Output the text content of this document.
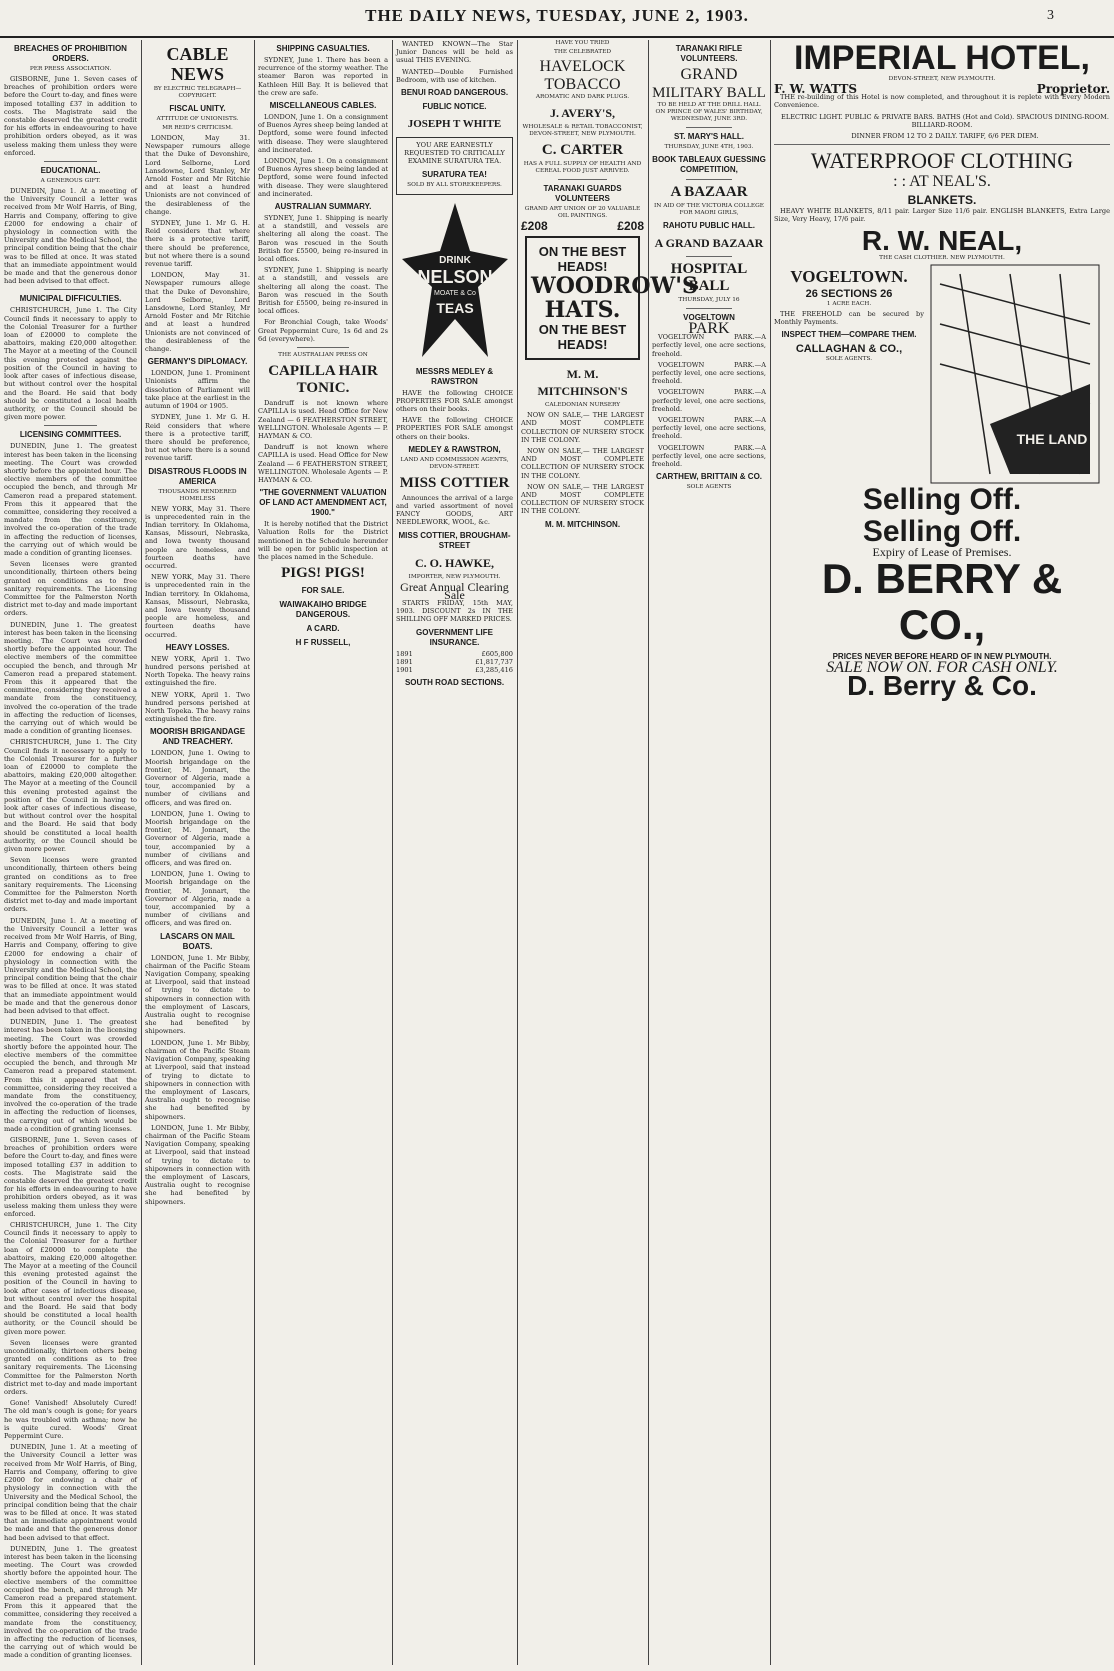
THE DAILY NEWS, TUESDAY, JUNE 2, 1903.	3
BREACHES OF PROHIBITION ORDERS.
PER PRESS ASSOCIATION.

GISBORNE, June 1. Seven cases of breaches of prohibition orders were before the Court to-day, and fines were imposed totalling £37 in addition to costs. The Magistrate said the constable deserved the greatest credit for his efforts in endeavouring to have prohibition orders obeyed, as it was useless making them unless they were enforced.

EDUCATIONAL.
A GENEROUS GIFT.

DUNEDIN, June 1. At a meeting of the University Council a letter was received from Mr Wolf Harris, of Bing, Harris and Company, offering to give £2000 for endowing a chair of physiology in connection with the University and the Medical School, the principal condition being that the chair was to be filled at once. It was stated that an immediate appointment would be made and that the generous donor had been advised to that effect.

MUNICIPAL DIFFICULTIES.

CHRISTCHURCH, June 1. The City Council finds it necessary to apply to the Colonial Treasurer for a further loan of £20000 to complete the abattoirs, making £20,000 altogether. The Mayor at a meeting of the Council this evening protested against the position of the Council in having to look after cases of infectious disease, but without control over the hospital and the Board. He said that body should be constituted a local health authority, or the Council should be given more power.

LICENSING COMMITTEES.

DUNEDIN, June 1. The greatest interest has been taken in the licensing meeting. The Court was crowded shortly before the appointed hour. The elective members of the committee occupied the bench, and through Mr Cameron read a prepared statement. From this it appeared that the committee, considering they received a mandate from the constituency, involved the co-operation of the trade in affecting the reduction of licenses, the carrying out of which would be made a condition of granting licenses.

Seven licenses were granted unconditionally, thirteen others being granted on conditions as to free sanitary requirements. The Licensing Committee for the Palmerston North district met to-day and made important orders.

DUNEDIN, June 1. The greatest interest has been taken in the licensing meeting. The Court was crowded shortly before the appointed hour. The elective members of the committee occupied the bench, and through Mr Cameron read a prepared statement. From this it appeared that the committee, considering they received a mandate from the constituency, involved the co-operation of the trade in affecting the reduction of licenses, the carrying out of which would be made a condition of granting licenses.

CHRISTCHURCH, June 1. The City Council finds it necessary to apply to the Colonial Treasurer for a further loan of £20000 to complete the abattoirs, making £20,000 altogether. The Mayor at a meeting of the Council this evening protested against the position of the Council in having to look after cases of infectious disease, but without control over the hospital and the Board. He said that body should be constituted a local health authority, or the Council should be given more power.

Seven licenses were granted unconditionally, thirteen others being granted on conditions as to free sanitary requirements. The Licensing Committee for the Palmerston North district met to-day and made important orders.

DUNEDIN, June 1. At a meeting of the University Council a letter was received from Mr Wolf Harris, of Bing, Harris and Company, offering to give £2000 for endowing a chair of physiology in connection with the University and the Medical School, the principal condition being that the chair was to be filled at once. It was stated that an immediate appointment would be made and that the generous donor had been advised to that effect.

DUNEDIN, June 1. The greatest interest has been taken in the licensing meeting. The Court was crowded shortly before the appointed hour. The elective members of the committee occupied the bench, and through Mr Cameron read a prepared statement. From this it appeared that the committee, considering they received a mandate from the constituency, involved the co-operation of the trade in affecting the reduction of licenses, the carrying out of which would be made a condition of granting licenses.

GISBORNE, June 1. Seven cases of breaches of prohibition orders were before the Court to-day, and fines were imposed totalling £37 in addition to costs. The Magistrate said the constable deserved the greatest credit for his efforts in endeavouring to have prohibition orders obeyed, as it was useless making them unless they were enforced.

CHRISTCHURCH, June 1. The City Council finds it necessary to apply to the Colonial Treasurer for a further loan of £20000 to complete the abattoirs, making £20,000 altogether. The Mayor at a meeting of the Council this evening protested against the position of the Council in having to look after cases of infectious disease, but without control over the hospital and the Board. He said that body should be constituted a local health authority, or the Council should be given more power.

Seven licenses were granted unconditionally, thirteen others being granted on conditions as to free sanitary requirements. The Licensing Committee for the Palmerston North district met to-day and made important orders.

Gone! Vanished! Absolutely Cured! The old man's cough is gone; for years he was troubled with asthma; now he is quite cured. Woods' Great Peppermint Cure.

DUNEDIN, June 1. At a meeting of the University Council a letter was received from Mr Wolf Harris, of Bing, Harris and Company, offering to give £2000 for endowing a chair of physiology in connection with the University and the Medical School, the principal condition being that the chair was to be filled at once. It was stated that an immediate appointment would be made and that the generous donor had been advised to that effect.

DUNEDIN, June 1. The greatest interest has been taken in the licensing meeting. The Court was crowded shortly before the appointed hour. The elective members of the committee occupied the bench, and through Mr Cameron read a prepared statement. From this it appeared that the committee, considering they received a mandate from the constituency, involved the co-operation of the trade in affecting the reduction of licenses, the carrying out of which would be made a condition of granting licenses.

CABLE NEWS
BY ELECTRIC TELEGRAPH—COPYRIGHT.
FISCAL UNITY.
ATTITUDE OF UNIONISTS.
MR REID'S CRITICISM.

LONDON, May 31. Newspaper rumours allege that the Duke of Devonshire, Lord Selborne, Lord Lansdowne, Lord Stanley, Mr Arnold Foster and Mr Ritchie and at least a hundred Unionists are not convinced of the desirableness of the change.

SYDNEY, June 1. Mr G. H. Reid considers that where there is a protective tariff, there should be preference, but not where there is a sound revenue tariff.

LONDON, May 31. Newspaper rumours allege that the Duke of Devonshire, Lord Selborne, Lord Lansdowne, Lord Stanley, Mr Arnold Foster and Mr Ritchie and at least a hundred Unionists are not convinced of the desirableness of the change.

GERMANY'S DIPLOMACY.

LONDON, June 1. Prominent Unionists affirm the dissolution of Parliament will take place at the earliest in the autumn of 1904 or 1905.

SYDNEY, June 1. Mr G. H. Reid considers that where there is a protective tariff, there should be preference, but not where there is a sound revenue tariff.

DISASTROUS FLOODS IN AMERICA
THOUSANDS RENDERED HOMELESS

NEW YORK, May 31. There is unprecedented rain in the Indian territory. In Oklahoma, Kansas, Missouri, Nebraska, and Iowa twenty thousand people are homeless, and fourteen deaths have occurred.

NEW YORK, May 31. There is unprecedented rain in the Indian territory. In Oklahoma, Kansas, Missouri, Nebraska, and Iowa twenty thousand people are homeless, and fourteen deaths have occurred.

HEAVY LOSSES.

NEW YORK, April 1. Two hundred persons perished at North Topeka. The heavy rains extinguished the fire.

NEW YORK, April 1. Two hundred persons perished at North Topeka. The heavy rains extinguished the fire.

MOORISH BRIGANDAGE AND TREACHERY.

LONDON, June 1. Owing to Moorish brigandage on the frontier, M. Jonnart, the Governor of Algeria, made a tour, accompanied by a number of civilians and officers, and was fired on.

LONDON, June 1. Owing to Moorish brigandage on the frontier, M. Jonnart, the Governor of Algeria, made a tour, accompanied by a number of civilians and officers, and was fired on.

LONDON, June 1. Owing to Moorish brigandage on the frontier, M. Jonnart, the Governor of Algeria, made a tour, accompanied by a number of civilians and officers, and was fired on.

LASCARS ON MAIL BOATS.

LONDON, June 1. Mr Bibby, chairman of the Pacific Steam Navigation Company, speaking at Liverpool, said that instead of trying to dictate to shipowners in connection with the employment of Lascars, Australia ought to recognise she had benefited by shipowners.

LONDON, June 1. Mr Bibby, chairman of the Pacific Steam Navigation Company, speaking at Liverpool, said that instead of trying to dictate to shipowners in connection with the employment of Lascars, Australia ought to recognise she had benefited by shipowners.

LONDON, June 1. Mr Bibby, chairman of the Pacific Steam Navigation Company, speaking at Liverpool, said that instead of trying to dictate to shipowners in connection with the employment of Lascars, Australia ought to recognise she had benefited by shipowners.

SHIPPING CASUALTIES.

SYDNEY, June 1. There has been a recurrence of the stormy weather. The steamer Baron was reported in Kathleen Hill Bay. It is believed that the crew are safe.

MISCELLANEOUS CABLES.

LONDON, June 1. On a consignment of Buenos Ayres sheep being landed at Deptford, some were found infected with disease. They were slaughtered and incinerated.

LONDON, June 1. On a consignment of Buenos Ayres sheep being landed at Deptford, some were found infected with disease. They were slaughtered and incinerated.

AUSTRALIAN SUMMARY.

SYDNEY, June 1. Shipping is nearly at a standstill, and vessels are sheltering all along the coast. The Baron was rescued in the South British for £5500, being re-insured in local offices.

SYDNEY, June 1. Shipping is nearly at a standstill, and vessels are sheltering all along the coast. The Baron was rescued in the South British for £5500, being re-insured in local offices.

For Bronchial Cough, take Woods' Great Peppermint Cure, 1s 6d and 2s 6d (everywhere).

THE AUSTRALIAN PRESS ON
CAPILLA HAIR TONIC.

Dandruff is not known where CAPILLA is used. Head Office for New Zealand — 6 FEATHERSTON STREET, WELLINGTON. Wholesale Agents — P. HAYMAN & CO.

Dandruff is not known where CAPILLA is used. Head Office for New Zealand — 6 FEATHERSTON STREET, WELLINGTON. Wholesale Agents — P. HAYMAN & CO.

"THE GOVERNMENT VALUATION OF LAND ACT AMENDMENT ACT, 1900."

It is hereby notified that the District Valuation Rolls for the District mentioned in the Schedule hereunder will be open for public inspection at the places named in the Schedule.

PIGS! PIGS!
FOR SALE.
WAIWAKAIHO BRIDGE DANGEROUS.
A CARD.
H F RUSSELL,

WANTED KNOWN—The Star Junior Dances will be held as usual THIS EVENING.

WANTED—Double Furnished Bedroom, with use of kitchen.

BENUI ROAD DANGEROUS.
FUBLIC NOTICE.
JOSEPH T WHITE
YOU ARE EARNESTLY REQUESTED TO CRITICALLY EXAMINE SURATURA TEA.
SURATURA TEA!
SOLD BY ALL STOREKEEPERS.
DRINK
NELSON
MOATE & Co
TEAS
MESSRS MEDLEY & RAWSTRON

HAVE the following CHOICE PROPERTIES FOR SALE amongst others on their books.

HAVE the following CHOICE PROPERTIES FOR SALE amongst others on their books.

MEDLEY & RAWSTRON,
LAND AND COMMISSION AGENTS, DEVON-STREET.
MISS COTTIER

Announces the arrival of a large and varied assortment of novel FANCY GOODS, ART NEEDLEWORK, WOOL, &c.

MISS COTTIER, BROUGHAM-STREET
C. O. HAWKE,
IMPORTER, NEW PLYMOUTH.
Great Annual Clearing Sale

STARTS FRIDAY, 15th MAY, 1903. DISCOUNT 2s IN THE SHILLING OFF MARKED PRICES.

GOVERNMENT LIFE INSURANCE.
1891	£605,800
1891	£1,817,737
1901	£3,285,416
SOUTH ROAD SECTIONS.
HAVE YOU TRIED
THE CELEBRATED
HAVELOCK
TOBACCO
AROMATIC AND DARK PLUGS.
J. AVERY'S,
WHOLESALE & RETAIL TOBACCONIST, DEVON-STREET, NEW PLYMOUTH.
C. CARTER
HAS A FULL SUPPLY OF HEALTH AND CEREAL FOOD JUST ARRIVED.
TARANAKI GUARDS VOLUNTEERS
GRAND ART UNION OF 20 VALUABLE OIL PAINTINGS.
£208	£208
ON THE BEST HEADS!
WOODROW'S HATS.
ON THE BEST HEADS!
M. M. MITCHINSON'S
CALEDONIAN NURSERY

NOW ON SALE,— THE LARGEST AND MOST COMPLETE COLLECTION OF NURSERY STOCK IN THE COLONY.

NOW ON SALE,— THE LARGEST AND MOST COMPLETE COLLECTION OF NURSERY STOCK IN THE COLONY.

NOW ON SALE,— THE LARGEST AND MOST COMPLETE COLLECTION OF NURSERY STOCK IN THE COLONY.

M. M. MITCHINSON.
TARANAKI RIFLE VOLUNTEERS.
GRAND
MILITARY BALL
TO BE HELD AT THE DRILL HALL ON PRINCE OF WALES' BIRTHDAY, WEDNESDAY, JUNE 3RD.
ST. MARY'S HALL.
THURSDAY, JUNE 4TH, 1903.
BOOK TABLEAUX GUESSING COMPETITION,
A BAZAAR
IN AID OF THE VICTORIA COLLEGE FOR MAORI GIRLS,
RAHOTU PUBLIC HALL.
A GRAND BAZAAR
HOSPITAL BALL
THURSDAY, JULY 16
VOGELTOWN
PARK

VOGELTOWN PARK.—A perfectly level, one acre sections, freehold.

VOGELTOWN PARK.—A perfectly level, one acre sections, freehold.

VOGELTOWN PARK.—A perfectly level, one acre sections, freehold.

VOGELTOWN PARK.—A perfectly level, one acre sections, freehold.

VOGELTOWN PARK.—A perfectly level, one acre sections, freehold.

CARTHEW, BRITTAIN & CO.
SOLE AGENTS
IMPERIAL HOTEL,
DEVON-STREET, NEW PLYMOUTH.
F. W. WATTS	Proprietor.

THE re-building of this Hotel is now completed, and throughout it is replete with Every Modern Convenience.

ELECTRIC LIGHT. PUBLIC & PRIVATE BARS. BATHS (Hot and Cold). SPACIOUS DINING-ROOM. BILLIARD-ROOM.

DINNER FROM 12 TO 2 DAILY. TARIFF, 6/6 PER DIEM.

WATERPROOF CLOTHING
: : AT NEAL'S.
BLANKETS.

HEAVY WHITE BLANKETS, 8/11 pair. Larger Size 11/6 pair. ENGLISH BLANKETS, Extra Large Size, Very Heavy, 17/6 pair.

R. W. NEAL,
THE CASH CLOTHIER. NEW PLYMOUTH.
VOGELTOWN.
26 SECTIONS 26
1 ACRE EACH.

THE FREEHOLD can be secured by Monthly Payments.

INSPECT THEM—COMPARE THEM.
CALLAGHAN & CO.,
SOLE AGENTS.
THE LAND
Selling Off.
Selling Off.
Expiry of Lease of Premises.
D. BERRY & CO.,
PRICES NEVER BEFORE HEARD OF IN NEW PLYMOUTH.
SALE NOW ON. FOR CASH ONLY.
D. Berry & Co.
